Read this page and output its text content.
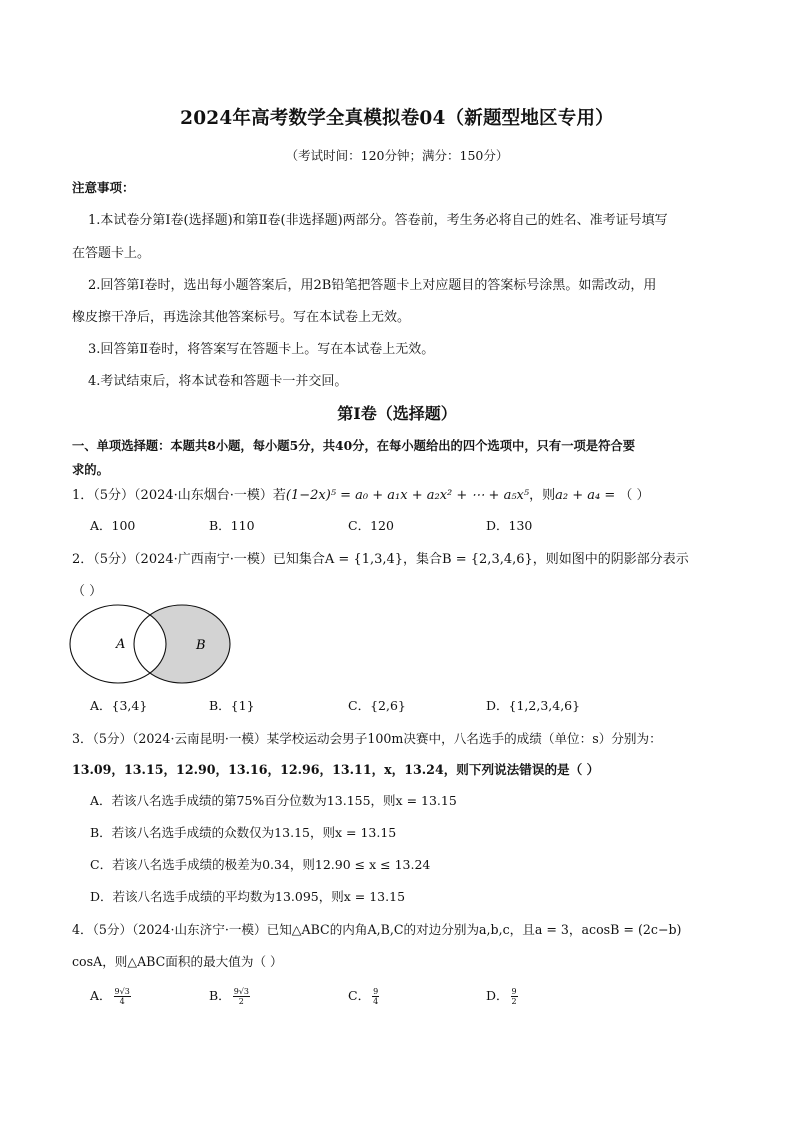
2024年高考数学全真模拟卷04（新题型地区专用）
（考试时间：120分钟；满分：150分）
注意事项：
1.本试卷分第Ⅰ卷(选择题)和第Ⅱ卷(非选择题)两部分。答卷前，考生务必将自己的姓名、准考证号填写
在答题卡上。
2.回答第Ⅰ卷时，选出每小题答案后，用2B铅笔把答题卡上对应题目的答案标号涂黑。如需改动，用
橡皮擦干净后，再选涂其他答案标号。写在本试卷上无效。
3.回答第Ⅱ卷时，将答案写在答题卡上。写在本试卷上无效。
4.考试结束后，将本试卷和答题卡一并交回。
第Ⅰ卷（选择题）
一、单项选择题：本题共8小题，每小题5分，共40分，在每小题给出的四个选项中，只有一项是符合要
求的。
1．（5分）（2024·山东烟台·一模）若(1−2x)⁵ = a₀ + a₁x + a₂x² + ⋯ + a₅x⁵，则a₂ + a₄ = （ ）
A．100	B．110	C．120	D．130
2．（5分）（2024·广西南宁·一模）已知集合A = {1,3,4}，集合B = {2,3,4,6}，则如图中的阴影部分表示
（ ）
A	B
A．{3,4}	B．{1}	C．{2,6}	D．{1,2,3,4,6}
3．（5分）（2024·云南昆明·一模）某学校运动会男子100m决赛中，八名选手的成绩（单位：s）分别为：
13.09，13.15，12.90，13.16，12.96，13.11，x，13.24，则下列说法错误的是（ ）
A．若该八名选手成绩的第75%百分位数为13.155，则x = 13.15
B．若该八名选手成绩的众数仅为13.15，则x = 13.15
C．若该八名选手成绩的极差为0.34，则12.90 ≤ x ≤ 13.24
D．若该八名选手成绩的平均数为13.095，则x = 13.15
4．（5分）（2024·山东济宁·一模）已知△ABC的内角A,B,C的对边分别为a,b,c，且a = 3，acosB = (2c−b)
cosA，则△ABC面积的最大值为（ ）
A． $\frac{9√3}{4}$	B． $\frac{9√3}{2}$	C． $\frac{9}{4}$	D． $\frac{9}{2}$
